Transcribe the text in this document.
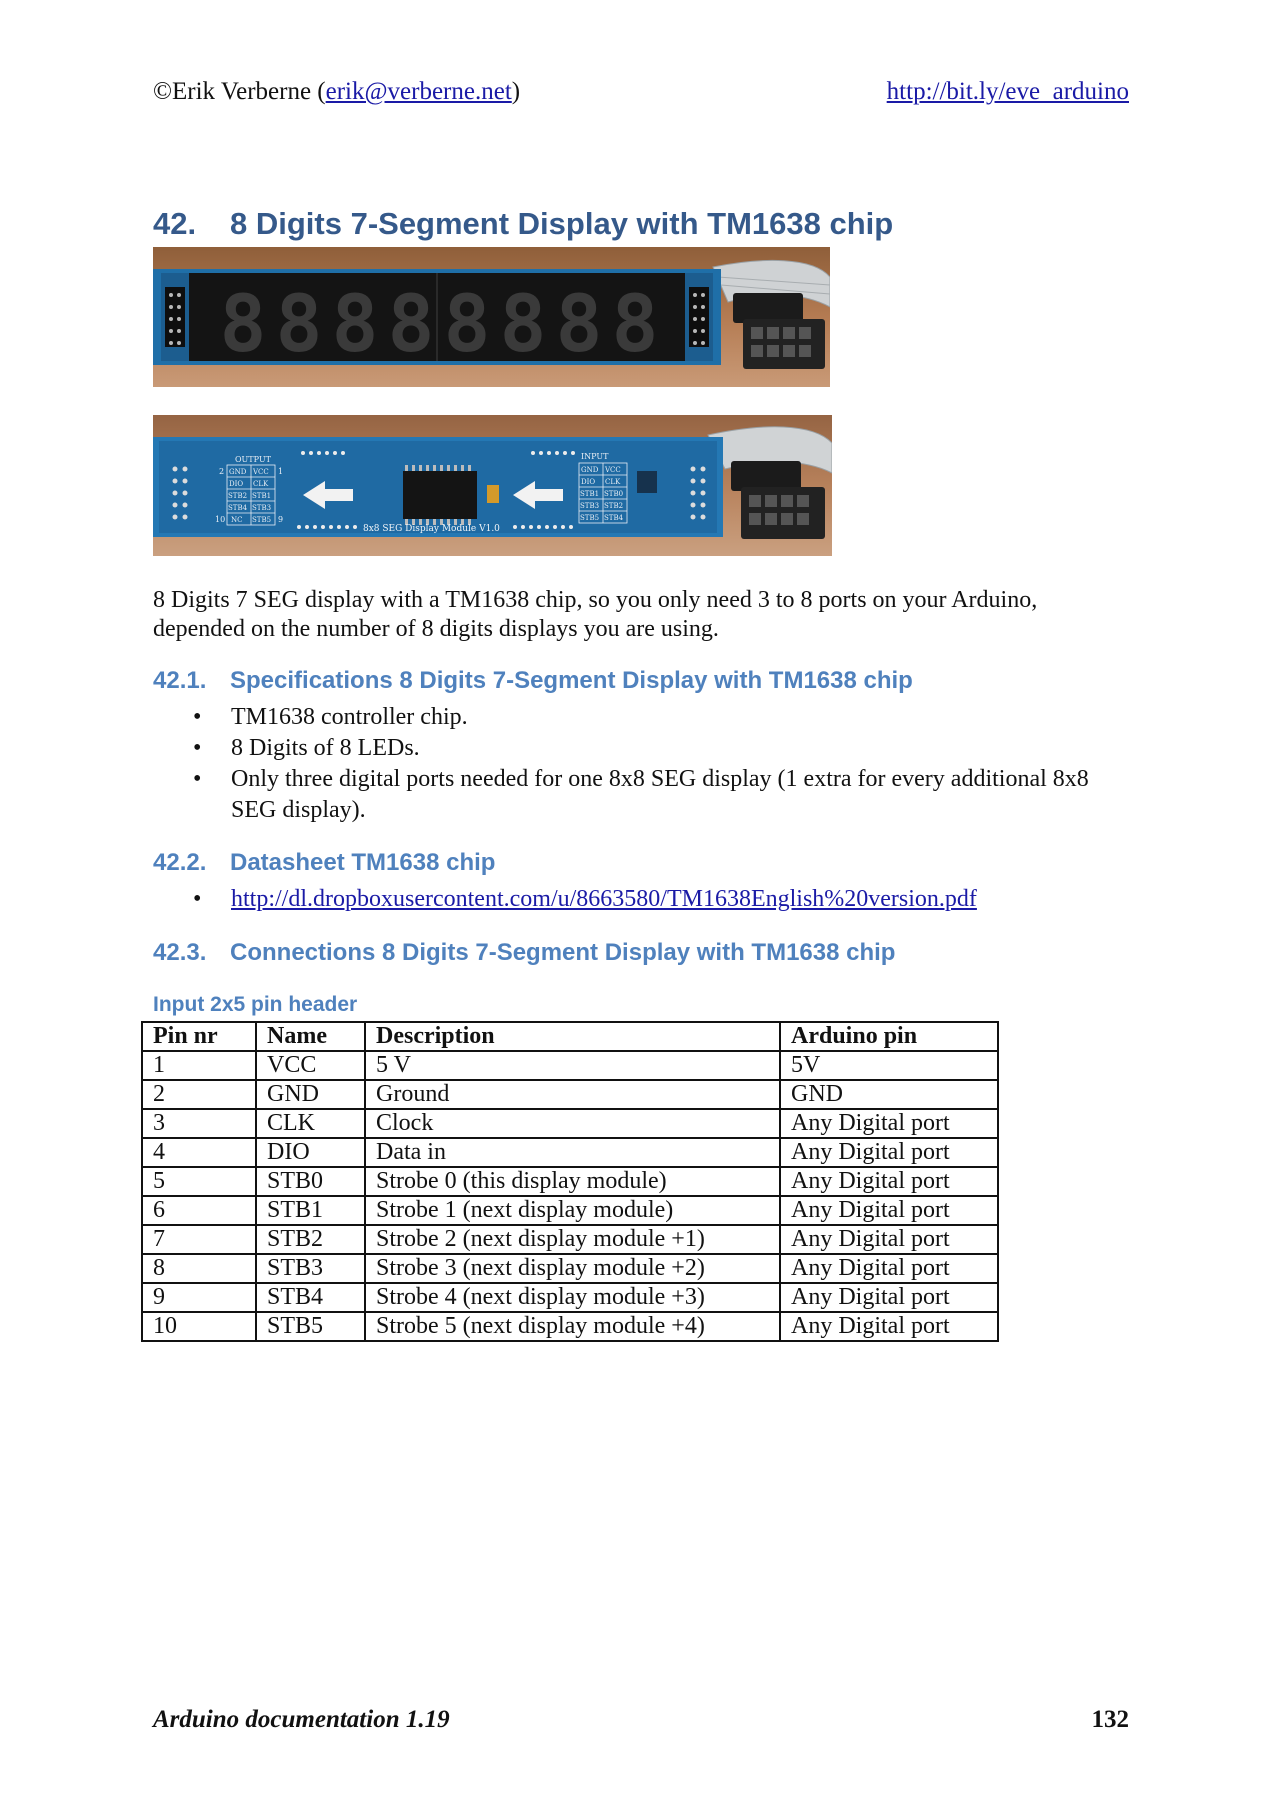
©Erik Verberne (erik@verberne.net)	http://bit.ly/eve_arduino
42. 8 Digits 7-Segment Display with TM1638 chip
8 8 8 8 8 8 8 8
OUTPUT
2	1
10	9
GND VCC
DIO CLK
STB2 STB1
STB4 STB3
NC STB5
INPUT
GND VCC
DIO CLK
STB1 STB0
STB3 STB2
STB5 STB4
8x8 SEG Display Module V1.0
8 Digits 7 SEG display with a TM1638 chip, so you only need 3 to 8 ports on your Arduino, depended on the number of 8 digits displays you are using.
42.1. Specifications 8 Digits 7-Segment Display with TM1638 chip
• TM1638 controller chip.
• 8 Digits of 8 LEDs.
• Only three digital ports needed for one 8x8 SEG display (1 extra for every additional 8x8 SEG display).
42.2. Datasheet TM1638 chip
• http://dl.dropboxusercontent.com/u/8663580/TM1638English%20version.pdf
42.3. Connections 8 Digits 7-Segment Display with TM1638 chip
Input 2x5 pin header
Pin nr	Name	Description	Arduino pin
1	VCC	5 V	5V
2	GND	Ground	GND
3	CLK	Clock	Any Digital port
4	DIO	Data in	Any Digital port
5	STB0	Strobe 0 (this display module)	Any Digital port
6	STB1	Strobe 1 (next display module)	Any Digital port
7	STB2	Strobe 2 (next display module +1)	Any Digital port
8	STB3	Strobe 3 (next display module +2)	Any Digital port
9	STB4	Strobe 4 (next display module +3)	Any Digital port
10	STB5	Strobe 5 (next display module +4)	Any Digital port
Arduino documentation 1.19	132
